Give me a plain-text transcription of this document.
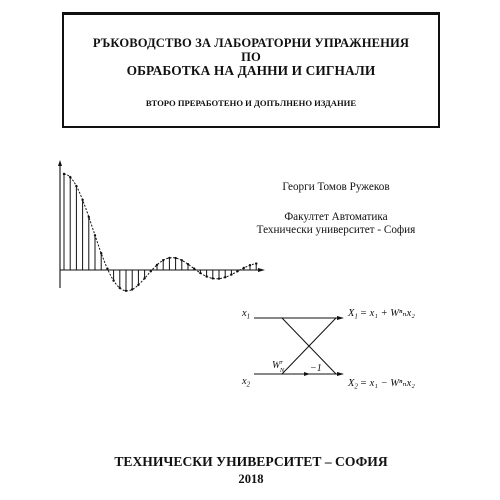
РЪКОВОДСТВО ЗА ЛАБОРАТОРНИ УПРАЖНЕНИЯ
ПО
ОБРАБОТКА НА ДАННИ И СИГНАЛИ
ВТОРО ПРЕРАБОТЕНО И ДОПЪЛНЕНО ИЗДАНИЕ
Георги Томов Ружеков
Факултет Автоматика
Технически университет - София
$x_1$
$x_2$
$W^r$ N	−1
$X_1 = x_1 + W^n_nx_2$
$X_2 = x_1 - W^n_nx_2$
ТЕХНИЧЕСКИ УНИВЕРСИТЕТ – СОФИЯ
2018
